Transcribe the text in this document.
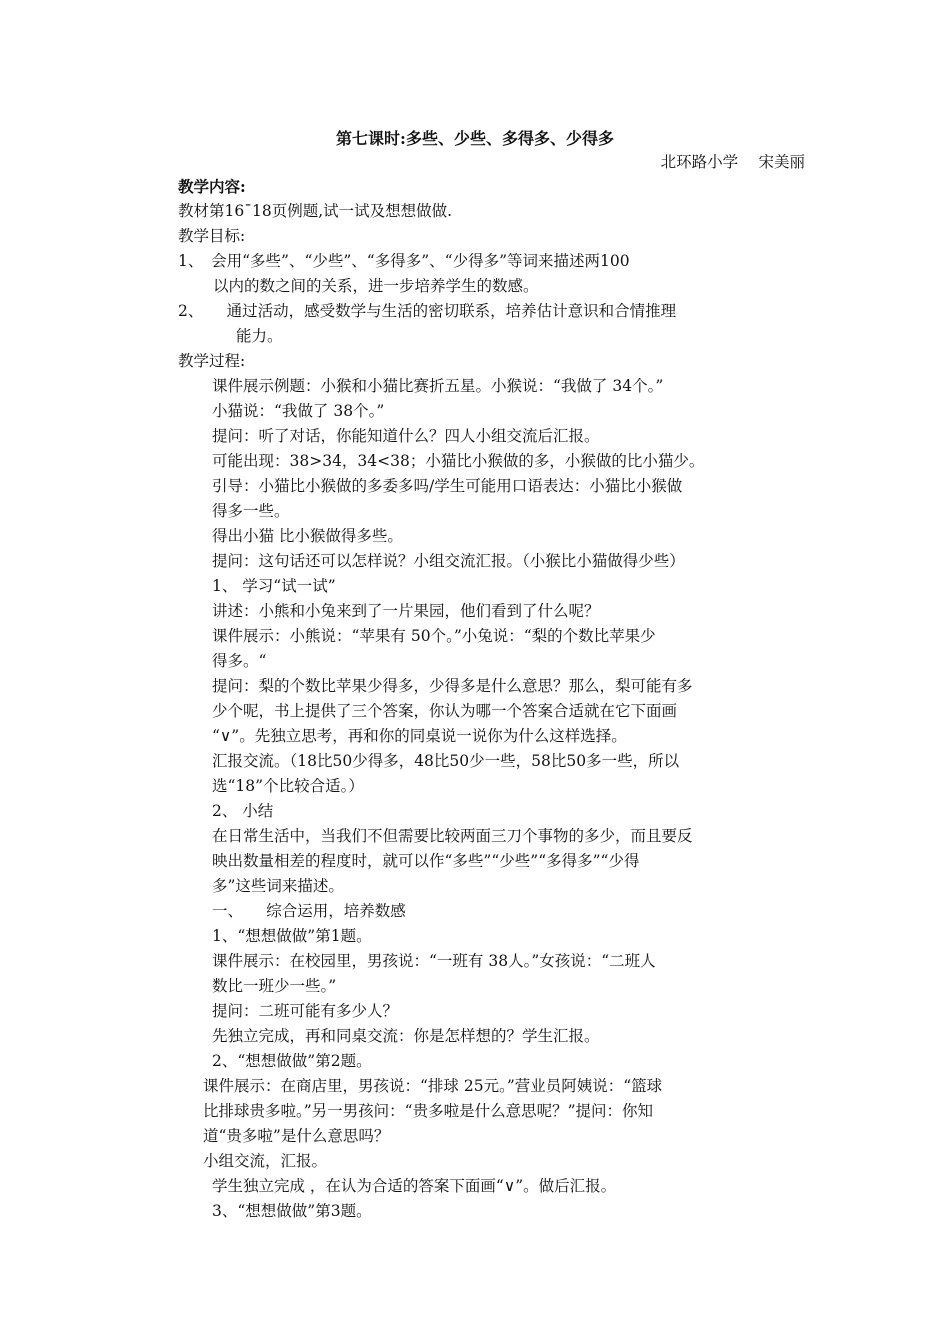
第七课时:多些、少些、多得多、少得多
北环路小学　 宋美丽
教学内容:
教材第16¯18页例题,试一试及想想做做.
教学目标:
1、　会用“多些”、“少些”、“多得多”、“少得多”等词来描述两100
以内的数之间的关系，进一步培养学生的数感。
2、　　通过活动，感受数学与生活的密切联系，培养估计意识和合情推理
能力。
教学过程:
课件展示例题：小猴和小猫比赛折五星。小猴说：“我做了 34个。”
小猫说：“我做了 38个。”
提问：听了对话，你能知道什么？四人小组交流后汇报。
可能出现：38>34，34<38；小猫比小猴做的多，小猴做的比小猫少。
引导：小猫比小猴做的多委多吗/学生可能用口语表达：小猫比小猴做
得多一些。
得出小猫 比小猴做得多些。
提问：这句话还可以怎样说？小组交流汇报。（小猴比小猫做得少些）
1、 学习“试一试”
讲述：小熊和小兔来到了一片果园，他们看到了什么呢？
课件展示：小熊说：“苹果有 50个。”小兔说：“梨的个数比苹果少
得多。“
提问：梨的个数比苹果少得多，少得多是什么意思？那么，梨可能有多
少个呢，书上提供了三个答案，你认为哪一个答案合适就在它下面画
“∨”。先独立思考，再和你的同桌说一说你为什么这样选择。
汇报交流。（18比50少得多，48比50少一些，58比50多一些，所以
选“18”个比较合适。）
2、 小结
在日常生活中，当我们不但需要比较两面三刀个事物的多少，而且要反
映出数量相差的程度时，就可以作“多些”“少些”“多得多”“少得
多”这些词来描述。
一、　　综合运用，培养数感
1、“想想做做”第1题。
课件展示：在校园里，男孩说：“一班有 38人。”女孩说：“二班人
数比一班少一些。”
提问：二班可能有多少人？
先独立完成，再和同桌交流：你是怎样想的？学生汇报。
2、“想想做做”第2题。
课件展示：在商店里，男孩说：“排球 25元。”营业员阿姨说：“篮球
比排球贵多啦。”另一男孩问：“贵多啦是什么意思呢？”提问：你知
道“贵多啦”是什么意思吗？
小组交流，汇报。
学生独立完成 ，在认为合适的答案下面画“∨”。做后汇报。
3、“想想做做”第3题。
